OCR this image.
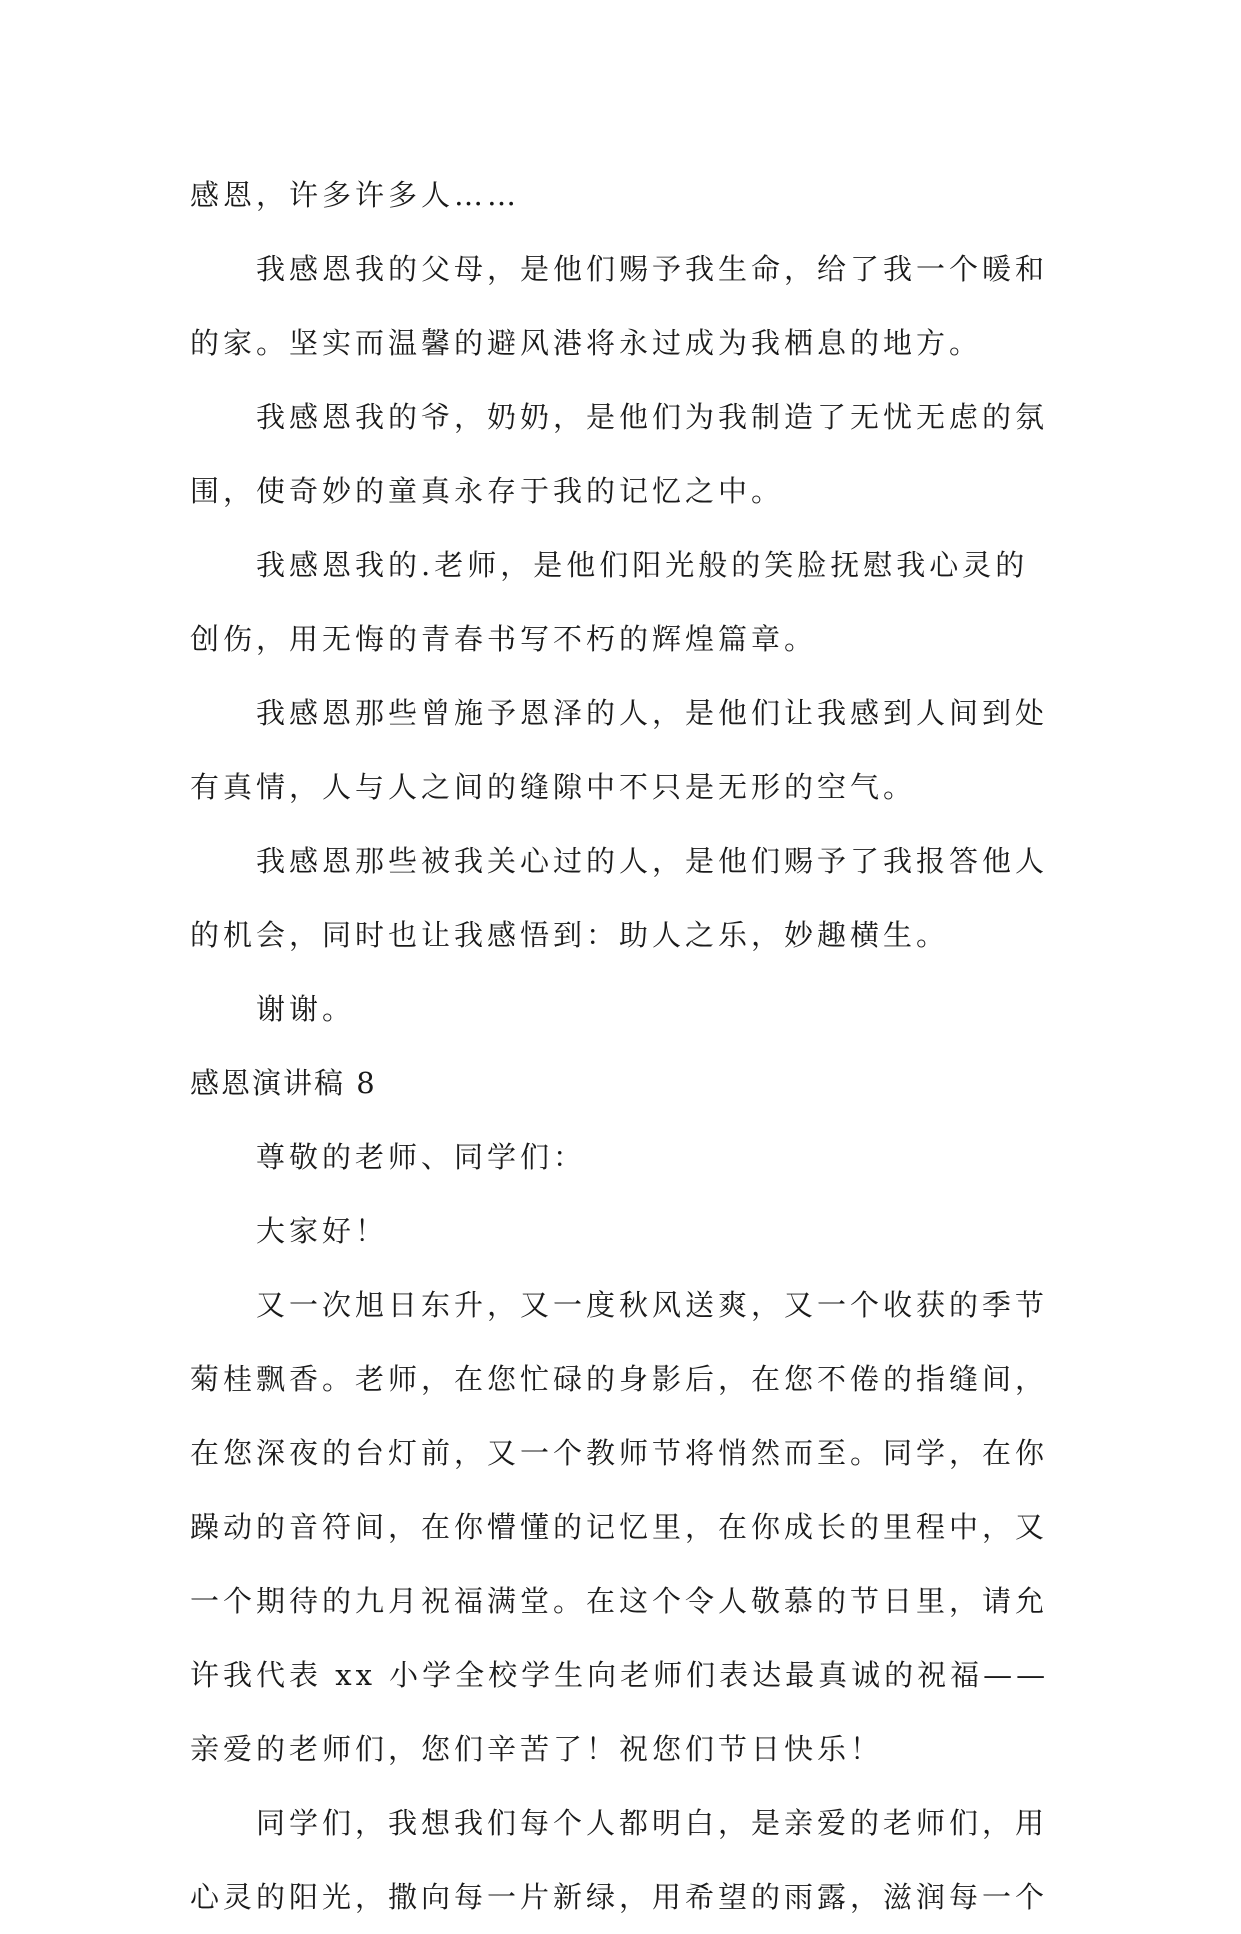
感恩，许多许多人……
我感恩我的父母，是他们赐予我生命，给了我一个暖和
的家。坚实而温馨的避风港将永过成为我栖息的地方。
我感恩我的爷，奶奶，是他们为我制造了无忧无虑的氛
围，使奇妙的童真永存于我的记忆之中。
我感恩我的.老师，是他们阳光般的笑脸抚慰我心灵的
创伤，用无悔的青春书写不朽的辉煌篇章。
我感恩那些曾施予恩泽的人，是他们让我感到人间到处
有真情，人与人之间的缝隙中不只是无形的空气。
我感恩那些被我关心过的人，是他们赐予了我报答他人
的机会，同时也让我感悟到：助人之乐，妙趣横生。
谢谢。
感恩演讲稿 8
尊敬的老师、同学们：
大家好！
又一次旭日东升，又一度秋风送爽，又一个收获的季节
菊桂飘香。老师，在您忙碌的身影后，在您不倦的指缝间，
在您深夜的台灯前，又一个教师节将悄然而至。同学，在你
躁动的音符间，在你懵懂的记忆里，在你成长的里程中，又
一个期待的九月祝福满堂。在这个令人敬慕的节日里，请允
许我代表 xx 小学全校学生向老师们表达最真诚的祝福——
亲爱的老师们，您们辛苦了！祝您们节日快乐！
同学们，我想我们每个人都明白，是亲爱的老师们，用
心灵的阳光，撒向每一片新绿，用希望的雨露，滋润每一个
